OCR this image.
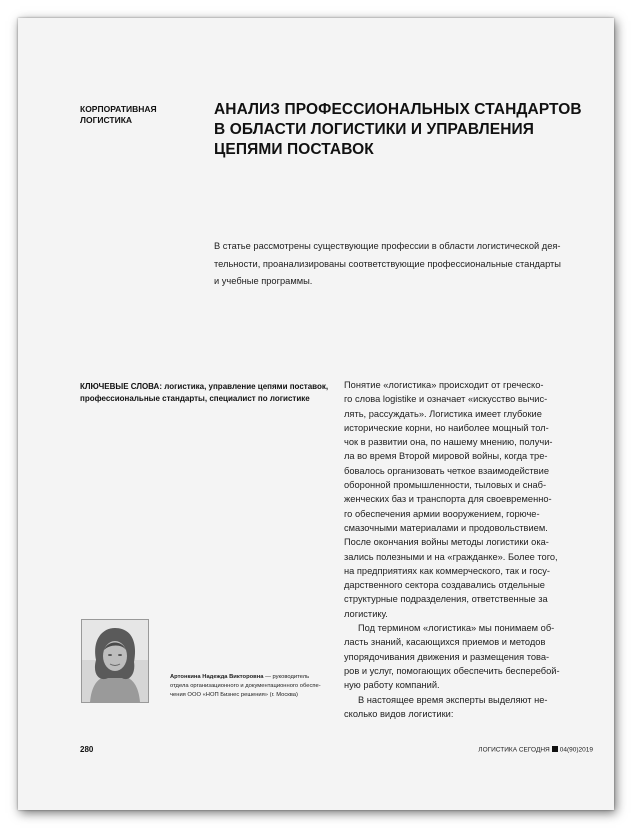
КОРПОРАТИВНАЯ
ЛОГИСТИКА
АНАЛИЗ ПРОФЕССИОНАЛЬНЫХ СТАНДАРТОВ
В ОБЛАСТИ ЛОГИСТИКИ И УПРАВЛЕНИЯ
ЦЕПЯМИ ПОСТАВОК
В статье рассмотрены существующие профессии в области логистической дея-
тельности, проанализированы соответствующие профессиональные стандарты
и учебные программы.
КЛЮЧЕВЫЕ СЛОВА: логистика, управление цепями поставок,
профессиональные стандарты, специалист по логистике
Понятие «логистика» происходит от греческо-
го слова logistike и означает «искусство вычис-
лять, рассуждать». Логистика имеет глубокие
исторические корни, но наиболее мощный тол-
чок в развитии она, по нашему мнению, получи-
ла во время Второй мировой войны, когда тре-
бовалось организовать четкое взаимодействие
оборонной промышленности, тыловых и снаб-
женческих баз и транспорта для своевременно-
го обеспечения армии вооружением, горюче-
смазочными материалами и продовольствием.
После окончания войны методы логистики ока-
зались полезными и на «гражданке». Более того,
на предприятиях как коммерческого, так и госу-
дарственного сектора создавались отдельные
структурные подразделения, ответственные за
логистику.
Под термином «логистика» мы понимаем об-
ласть знаний, касающихся приемов и методов
упорядочивания движения и размещения това-
ров и услуг, помогающих обеспечить бесперебой-
ную работу компаний.
В настоящее время эксперты выделяют не-
сколько видов логистики:
Артонкина Надежда Викторовна — руководитель
отдела организационного и документационного обеспе-
чения ООО «НОП Бизнес решения» (г. Москва)
280	ЛОГИСТИКА СЕГОДНЯ 04(90)2019
